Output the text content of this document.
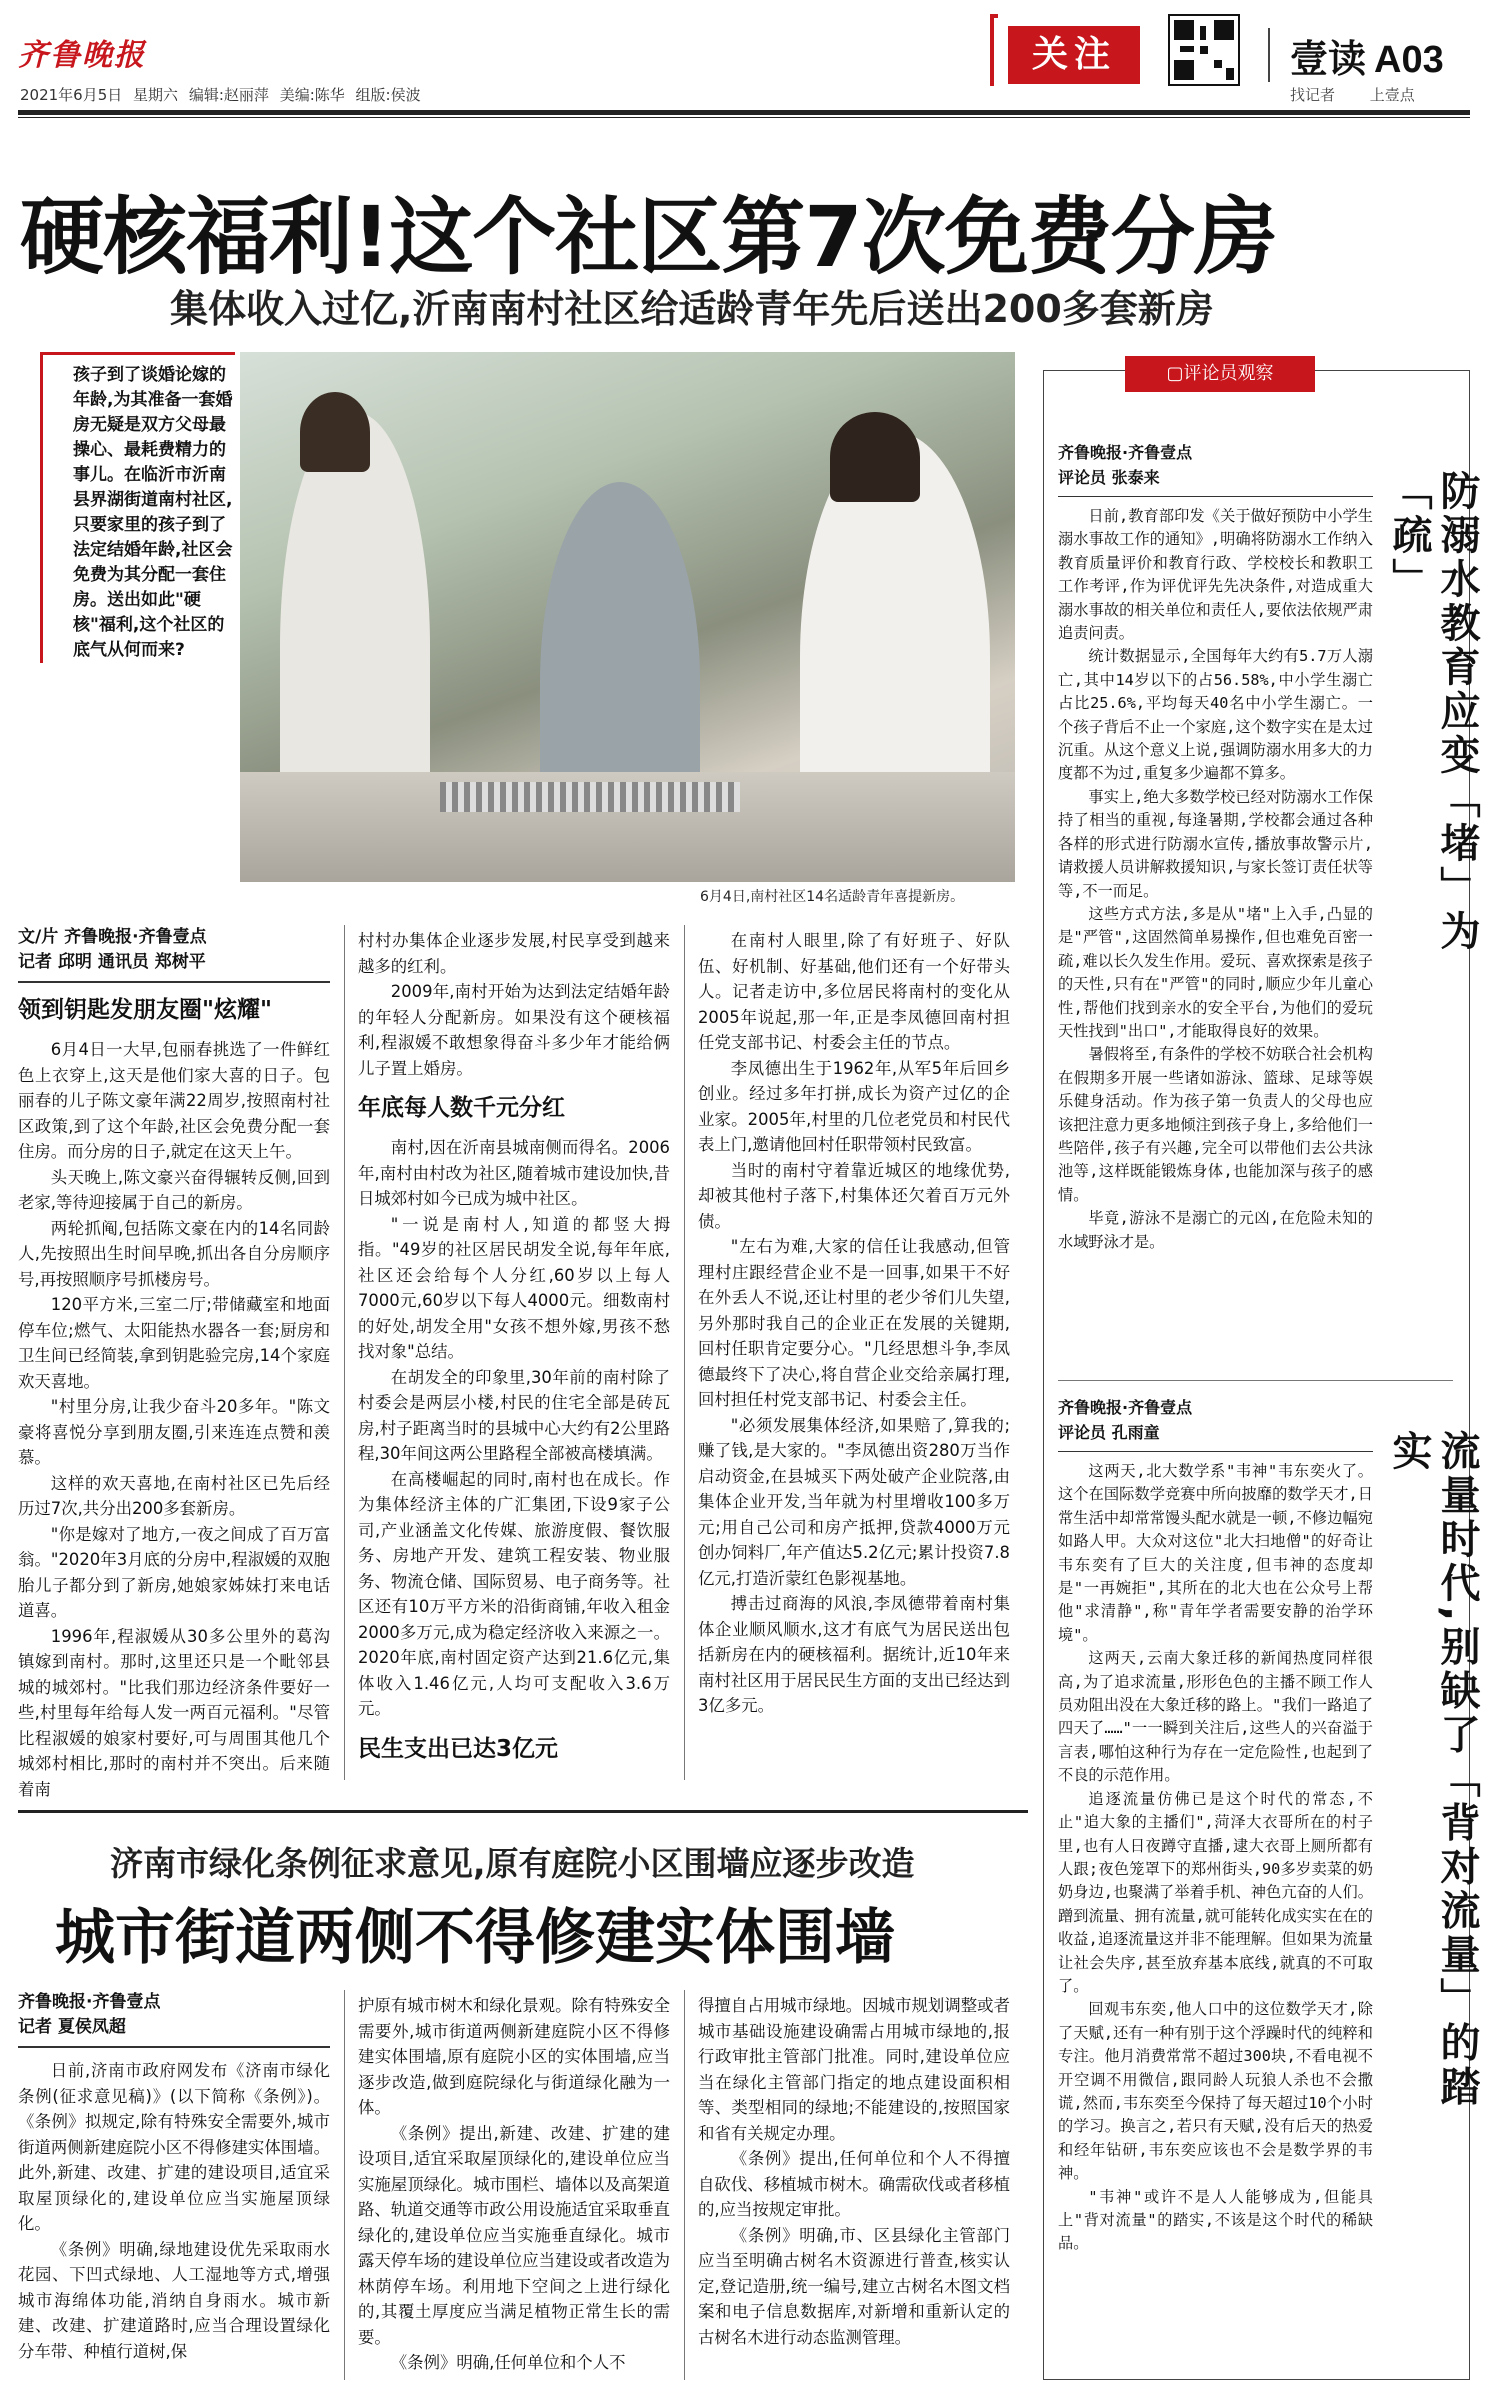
齐鲁晚报
2021年6月5日 星期六 编辑:赵丽萍 美编:陈华 组版:侯波
关注	壹读 A03
找记者 上壹点
硬核福利!这个社区第7次免费分房
集体收入过亿,沂南南村社区给适龄青年先后送出200多套新房
孩子到了谈婚论嫁的年龄,为其准备一套婚房无疑是双方父母最操心、最耗费精力的事儿。在临沂市沂南县界湖街道南村社区,只要家里的孩子到了法定结婚年龄,社区会免费为其分配一套住房。送出如此"硬核"福利,这个社区的底气从何而来?
6月4日,南村社区14名适龄青年喜提新房。
文/片 齐鲁晚报·齐鲁壹点
记者 邱明 通讯员 郑树平
领到钥匙发朋友圈"炫耀"

6月4日一大早,包丽春挑选了一件鲜红色上衣穿上,这天是他们家大喜的日子。包丽春的儿子陈文豪年满22周岁,按照南村社区政策,到了这个年龄,社区会免费分配一套住房。而分房的日子,就定在这天上午。

头天晚上,陈文豪兴奋得辗转反侧,回到老家,等待迎接属于自己的新房。

两轮抓阄,包括陈文豪在内的14名同龄人,先按照出生时间早晚,抓出各自分房顺序号,再按照顺序号抓楼房号。

120平方米,三室二厅;带储藏室和地面停车位;燃气、太阳能热水器各一套;厨房和卫生间已经简装,拿到钥匙验完房,14个家庭欢天喜地。

"村里分房,让我少奋斗20多年。"陈文豪将喜悦分享到朋友圈,引来连连点赞和羡慕。

这样的欢天喜地,在南村社区已先后经历过7次,共分出200多套新房。

"你是嫁对了地方,一夜之间成了百万富翁。"2020年3月底的分房中,程淑媛的双胞胎儿子都分到了新房,她娘家姊妹打来电话道喜。

1996年,程淑媛从30多公里外的葛沟镇嫁到南村。那时,这里还只是一个毗邻县城的城郊村。"比我们那边经济条件要好一些,村里每年给每人发一两百元福利。"尽管比程淑媛的娘家村要好,可与周围其他几个城郊村相比,那时的南村并不突出。后来随着南

村村办集体企业逐步发展,村民享受到越来越多的红利。

2009年,南村开始为达到法定结婚年龄的年轻人分配新房。如果没有这个硬核福利,程淑媛不敢想象得奋斗多少年才能给俩儿子置上婚房。

年底每人数千元分红

南村,因在沂南县城南侧而得名。2006年,南村由村改为社区,随着城市建设加快,昔日城郊村如今已成为城中社区。

"一说是南村人,知道的都竖大拇指。"49岁的社区居民胡发全说,每年年底,社区还会给每个人分红,60岁以上每人7000元,60岁以下每人4000元。细数南村的好处,胡发全用"女孩不想外嫁,男孩不愁找对象"总结。

在胡发全的印象里,30年前的南村除了村委会是两层小楼,村民的住宅全部是砖瓦房,村子距离当时的县城中心大约有2公里路程,30年间这两公里路程全部被高楼填满。

在高楼崛起的同时,南村也在成长。作为集体经济主体的广汇集团,下设9家子公司,产业涵盖文化传媒、旅游度假、餐饮服务、房地产开发、建筑工程安装、物业服务、物流仓储、国际贸易、电子商务等。社区还有10万平方米的沿街商铺,年收入租金2000多万元,成为稳定经济收入来源之一。2020年底,南村固定资产达到21.6亿元,集体收入1.46亿元,人均可支配收入3.6万元。

民生支出已达3亿元

在南村人眼里,除了有好班子、好队伍、好机制、好基础,他们还有一个好带头人。记者走访中,多位居民将南村的变化从2005年说起,那一年,正是李凤德回南村担任党支部书记、村委会主任的节点。

李凤德出生于1962年,从军5年后回乡创业。经过多年打拼,成长为资产过亿的企业家。2005年,村里的几位老党员和村民代表上门,邀请他回村任职带领村民致富。

当时的南村守着靠近城区的地缘优势,却被其他村子落下,村集体还欠着百万元外债。

"左右为难,大家的信任让我感动,但管理村庄跟经营企业不是一回事,如果干不好在外丢人不说,还让村里的老少爷们儿失望,另外那时我自己的企业正在发展的关键期,回村任职肯定要分心。"几经思想斗争,李凤德最终下了决心,将自营企业交给亲属打理,回村担任村党支部书记、村委会主任。

"必须发展集体经济,如果赔了,算我的;赚了钱,是大家的。"李凤德出资280万当作启动资金,在县城买下两处破产企业院落,由集体企业开发,当年就为村里增收100多万元;用自己公司和房产抵押,贷款4000万元创办饲料厂,年产值达5.2亿元;累计投资7.8亿元,打造沂蒙红色影视基地。

搏击过商海的风浪,李凤德带着南村集体企业顺风顺水,这才有底气为居民送出包括新房在内的硬核福利。据统计,近10年来南村社区用于居民民生方面的支出已经达到3亿多元。

▢评论员观察
齐鲁晚报·齐鲁壹点
评论员 张泰来

日前,教育部印发《关于做好预防中小学生溺水事故工作的通知》,明确将防溺水工作纳入教育质量评价和教育行政、学校校长和教职工工作考评,作为评优评先先决条件,对造成重大溺水事故的相关单位和责任人,要依法依规严肃追责问责。

统计数据显示,全国每年大约有5.7万人溺亡,其中14岁以下的占56.58%,中小学生溺亡占比25.6%,平均每天40名中小学生溺亡。一个孩子背后不止一个家庭,这个数字实在是太过沉重。从这个意义上说,强调防溺水用多大的力度都不为过,重复多少遍都不算多。

事实上,绝大多数学校已经对防溺水工作保持了相当的重视,每逢暑期,学校都会通过各种各样的形式进行防溺水宣传,播放事故警示片,请救援人员讲解救援知识,与家长签订责任状等等,不一而足。

这些方式方法,多是从"堵"上入手,凸显的是"严管",这固然简单易操作,但也难免百密一疏,难以长久发生作用。爱玩、喜欢探索是孩子的天性,只有在"严管"的同时,顺应少年儿童心性,帮他们找到亲水的安全平台,为他们的爱玩天性找到"出口",才能取得良好的效果。

暑假将至,有条件的学校不妨联合社会机构在假期多开展一些诸如游泳、篮球、足球等娱乐健身活动。作为孩子第一负责人的父母也应该把注意力更多地倾注到孩子身上,多给他们一些陪伴,孩子有兴趣,完全可以带他们去公共泳池等,这样既能锻炼身体,也能加深与孩子的感情。

毕竟,游泳不是溺亡的元凶,在危险未知的水域野泳才是。

防溺水教育应变「堵」为「疏」
齐鲁晚报·齐鲁壹点
评论员 孔雨童

这两天,北大数学系"韦神"韦东奕火了。这个在国际数学竞赛中所向披靡的数学天才,日常生活中却常常馒头配水就是一顿,不修边幅宛如路人甲。大众对这位"北大扫地僧"的好奇让韦东奕有了巨大的关注度,但韦神的态度却是"一再婉拒",其所在的北大也在公众号上帮他"求清静",称"青年学者需要安静的治学环境"。

这两天,云南大象迁移的新闻热度同样很高,为了追求流量,形形色色的主播不顾工作人员劝阻出没在大象迁移的路上。"我们一路追了四天了……"一一瞬到关注后,这些人的兴奋溢于言表,哪怕这种行为存在一定危险性,也起到了不良的示范作用。

追逐流量仿佛已是这个时代的常态,不止"追大象的主播们",菏泽大衣哥所在的村子里,也有人日夜蹲守直播,逮大衣哥上厕所都有人跟;夜色笼罩下的郑州街头,90多岁卖菜的奶奶身边,也聚满了举着手机、神色亢奋的人们。蹭到流量、拥有流量,就可能转化成实实在在的收益,追逐流量这并非不能理解。但如果为流量让社会失序,甚至放弃基本底线,就真的不可取了。

回观韦东奕,他人口中的这位数学天才,除了天赋,还有一种有别于这个浮躁时代的纯粹和专注。他月消费常常不超过300块,不看电视不开空调不用微信,跟同龄人玩狼人杀也不会撒谎,然而,韦东奕至今保持了每天超过10个小时的学习。换言之,若只有天赋,没有后天的热爱和经年钻研,韦东奕应该也不会是数学界的韦神。

"韦神"或许不是人人能够成为,但能具上"背对流量"的踏实,不该是这个时代的稀缺品。

流量时代,别缺了「背对流量」的踏实
济南市绿化条例征求意见,原有庭院小区围墙应逐步改造
城市街道两侧不得修建实体围墙
齐鲁晚报·齐鲁壹点
记者 夏侯凤超

日前,济南市政府网发布《济南市绿化条例(征求意见稿)》(以下简称《条例》)。《条例》拟规定,除有特殊安全需要外,城市街道两侧新建庭院小区不得修建实体围墙。此外,新建、改建、扩建的建设项目,适宜采取屋顶绿化的,建设单位应当实施屋顶绿化。

《条例》明确,绿地建设优先采取雨水花园、下凹式绿地、人工湿地等方式,增强城市海绵体功能,消纳自身雨水。城市新建、改建、扩建道路时,应当合理设置绿化分车带、种植行道树,保

护原有城市树木和绿化景观。除有特殊安全需要外,城市街道两侧新建庭院小区不得修建实体围墙,原有庭院小区的实体围墙,应当逐步改造,做到庭院绿化与街道绿化融为一体。

《条例》提出,新建、改建、扩建的建设项目,适宜采取屋顶绿化的,建设单位应当实施屋顶绿化。城市围栏、墙体以及高架道路、轨道交通等市政公用设施适宜采取垂直绿化的,建设单位应当实施垂直绿化。城市露天停车场的建设单位应当建设或者改造为林荫停车场。利用地下空间之上进行绿化的,其覆土厚度应当满足植物正常生长的需要。

《条例》明确,任何单位和个人不

得擅自占用城市绿地。因城市规划调整或者城市基础设施建设确需占用城市绿地的,报行政审批主管部门批准。同时,建设单位应当在绿化主管部门指定的地点建设面积相等、类型相同的绿地;不能建设的,按照国家和省有关规定办理。

《条例》提出,任何单位和个人不得擅自砍伐、移植城市树木。确需砍伐或者移植的,应当按规定审批。

《条例》明确,市、区县绿化主管部门应当至明确古树名木资源进行普查,核实认定,登记造册,统一编号,建立古树名木图文档案和电子信息数据库,对新增和重新认定的古树名木进行动态监测管理。
